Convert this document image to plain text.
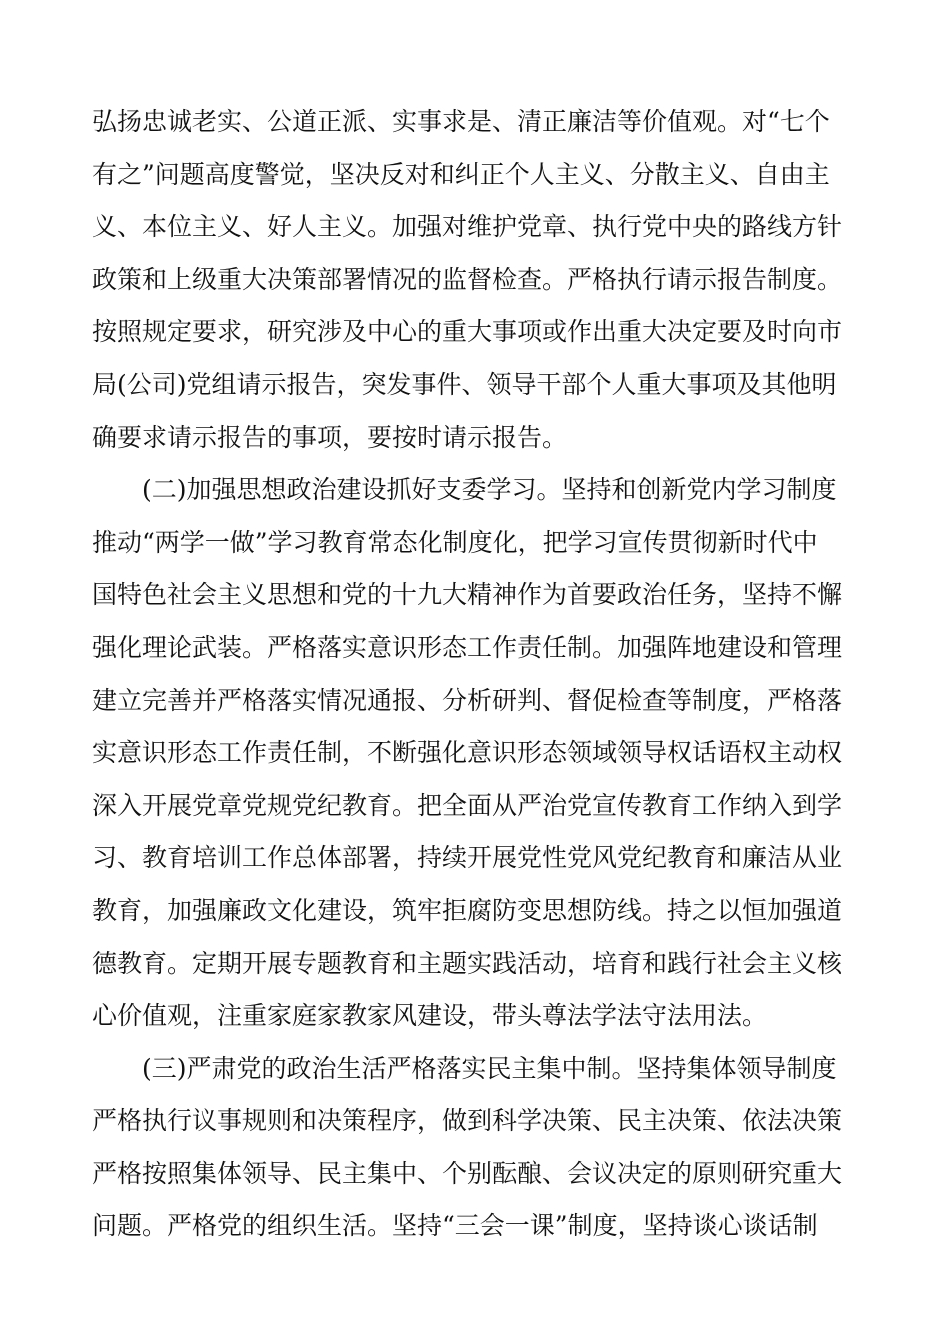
弘扬忠诚老实、公道正派、实事求是、清正廉洁等价值观。对“七个
有之”问题高度警觉，坚决反对和纠正个人主义、分散主义、自由主
义、本位主义、好人主义。加强对维护党章、执行党中央的路线方针
政策和上级重大决策部署情况的监督检查。严格执行请示报告制度。
按照规定要求，研究涉及中心的重大事项或作出重大决定要及时向市
局(公司)党组请示报告，突发事件、领导干部个人重大事项及其他明
确要求请示报告的事项，要按时请示报告。
(二)加强思想政治建设抓好支委学习。坚持和创新党内学习制度
推动“两学一做”学习教育常态化制度化，把学习宣传贯彻新时代中
国特色社会主义思想和党的十九大精神作为首要政治任务，坚持不懈
强化理论武装。严格落实意识形态工作责任制。加强阵地建设和管理
建立完善并严格落实情况通报、分析研判、督促检查等制度，严格落
实意识形态工作责任制，不断强化意识形态领域领导权话语权主动权
深入开展党章党规党纪教育。把全面从严治党宣传教育工作纳入到学
习、教育培训工作总体部署，持续开展党性党风党纪教育和廉洁从业
教育，加强廉政文化建设，筑牢拒腐防变思想防线。持之以恒加强道
德教育。定期开展专题教育和主题实践活动，培育和践行社会主义核
心价值观，注重家庭家教家风建设，带头尊法学法守法用法。
(三)严肃党的政治生活严格落实民主集中制。坚持集体领导制度
严格执行议事规则和决策程序，做到科学决策、民主决策、依法决策
严格按照集体领导、民主集中、个别酝酿、会议决定的原则研究重大
问题。严格党的组织生活。坚持“三会一课”制度，坚持谈心谈话制
